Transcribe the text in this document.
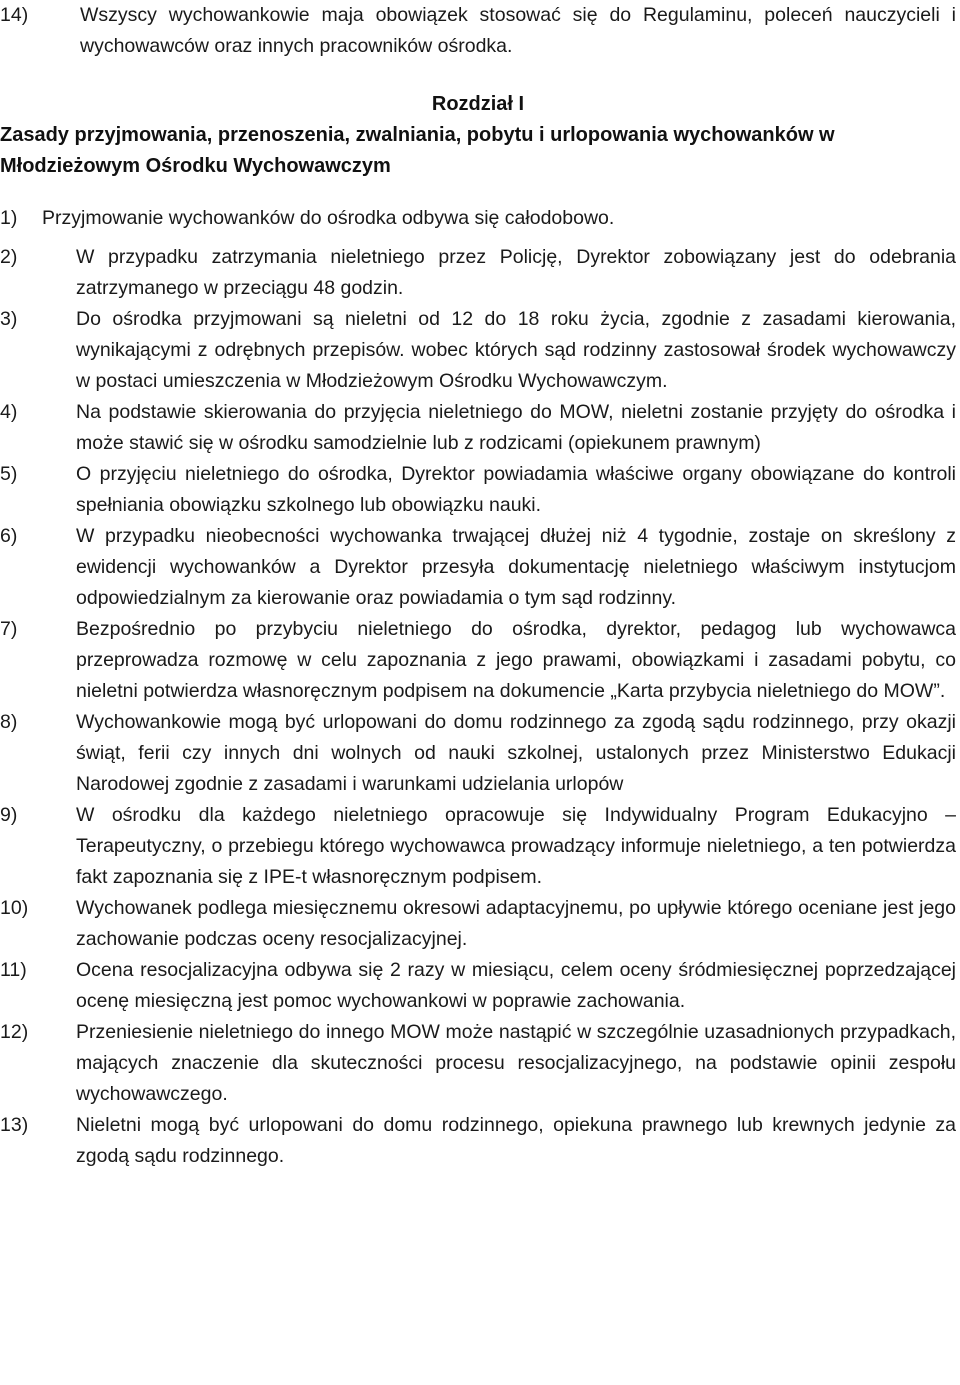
14)	Wszyscy wychowankowie maja obowiązek stosować się do Regulaminu, poleceń nauczycieli i wychowawców oraz innych pracowników ośrodka.
Rozdział I
Zasady przyjmowania, przenoszenia, zwalniania, pobytu i urlopowania wychowanków w Młodzieżowym Ośrodku Wychowawczym
1)	Przyjmowanie wychowanków do ośrodka odbywa się całodobowo.
2)	W przypadku zatrzymania nieletniego przez Policję, Dyrektor zobowiązany jest do odebrania zatrzymanego w przeciągu 48 godzin.
3)	Do ośrodka przyjmowani są nieletni od 12 do 18 roku życia, zgodnie z zasadami kierowania, wynikającymi z odrębnych przepisów. wobec których sąd rodzinny zastosował środek wychowawczy w postaci umieszczenia w Młodzieżowym Ośrodku Wychowawczym.
4)	Na podstawie skierowania do przyjęcia nieletniego do MOW, nieletni zostanie przyjęty do ośrodka i może stawić się w ośrodku samodzielnie lub z rodzicami (opiekunem prawnym)
5)	O przyjęciu nieletniego do ośrodka, Dyrektor powiadamia właściwe organy obowiązane do kontroli spełniania obowiązku szkolnego lub obowiązku nauki.
6)	W przypadku nieobecności wychowanka trwającej dłużej niż 4 tygodnie, zostaje on skreślony z ewidencji wychowanków a Dyrektor przesyła dokumentację nieletniego właściwym instytucjom odpowiedzialnym za kierowanie oraz powiadamia o tym sąd rodzinny.
7)	Bezpośrednio po przybyciu nieletniego do ośrodka, dyrektor, pedagog lub wychowawca przeprowadza rozmowę w celu zapoznania z jego prawami, obowiązkami i zasadami pobytu, co nieletni potwierdza własnoręcznym podpisem na dokumencie „Karta przybycia nieletniego do MOW”.
8)	Wychowankowie mogą być urlopowani do domu rodzinnego za zgodą sądu rodzinnego, przy okazji świąt, ferii czy innych dni wolnych od nauki szkolnej, ustalonych przez Ministerstwo Edukacji Narodowej zgodnie z zasadami i warunkami udzielania urlopów
9)	W ośrodku dla każdego nieletniego opracowuje się Indywidualny Program Edukacyjno – Terapeutyczny, o przebiegu którego wychowawca prowadzący informuje nieletniego, a ten potwierdza fakt zapoznania się z IPE-t własnoręcznym podpisem.
10)	Wychowanek podlega miesięcznemu okresowi adaptacyjnemu, po upływie którego oceniane jest jego zachowanie podczas oceny resocjalizacyjnej.
11)	Ocena resocjalizacyjna odbywa się 2 razy w miesiącu, celem oceny śródmiesięcznej poprzedzającej ocenę miesięczną jest pomoc wychowankowi w poprawie zachowania.
12)	Przeniesienie nieletniego do innego MOW może nastąpić w szczególnie uzasadnionych przypadkach, mających znaczenie dla skuteczności procesu resocjalizacyjnego, na podstawie opinii zespołu wychowawczego.
13)	Nieletni mogą być urlopowani do domu rodzinnego, opiekuna prawnego lub krewnych jedynie za zgodą sądu rodzinnego.
